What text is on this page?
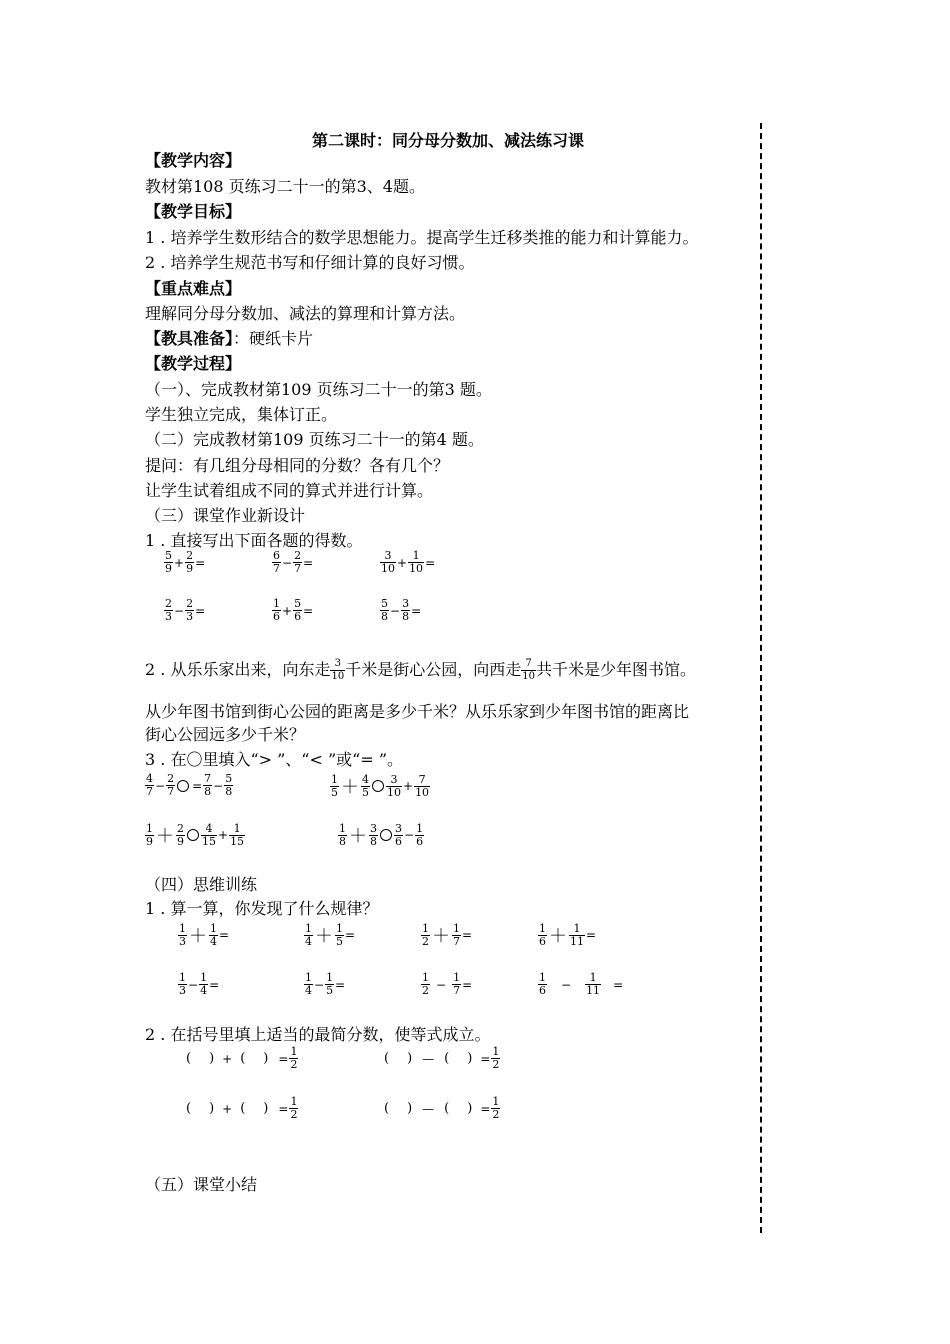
第二课时：同分母分数加、减法练习课
【教学内容】
教材第108 页练习二十一的第3、4题。
【教学目标】
1 . 培养学生数形结合的数学思想能力。提高学生迁移类推的能力和计算能力。
2 . 培养学生规范书写和仔细计算的良好习惯。
【重点难点】
理解同分母分数加、减法的算理和计算方法。
【教具准备】：硬纸卡片
【教学过程】
（一）、完成教材第109 页练习二十一的第3 题。
学生独立完成，集体订正。
（二）完成教材第109 页练习二十一的第4 题。
提问：有几组分母相同的分数？各有几个？
让学生试着组成不同的算式并进行计算。
（三）课堂作业新设计
1 . 直接写出下面各题的得数。
$\frac{5}{9} + \frac{2}{9}$ =	$\frac{6}{7} - \frac{2}{7}$ =	$\frac{3}{10} + \frac{1}{10}$ =
$\frac{2}{3} - \frac{2}{3}$ =	$\frac{1}{6} + \frac{5}{6}$ =	$\frac{5}{8} - \frac{3}{8}$ =
2 . 从乐乐家出来，向东走 $\frac{3}{10}$ 千米是街心公园，向西走 $\frac{7}{10}$ 共千米是少年图书馆。
从少年图书馆到街心公园的距离是多少千米？从乐乐家到少年图书馆的距离比
街心公园远多少千米？
3 . 在〇里填入“> ”、“< ”或“= ”。
$\frac{4}{7} - \frac{2}{7} = \frac{7}{8} - \frac{5}{8}$	$\frac{1}{5} + \frac{4}{5} \frac{3}{10} + \frac{7}{10}$
$\frac{1}{9} + \frac{2}{9} \frac{4}{15} + \frac{1}{15}$	$\frac{1}{8} + \frac{3}{8} \frac{3}{6} - \frac{1}{6}$
（四）思维训练
1 . 算一算，你发现了什么规律？
$\frac{1}{3} + \frac{1}{4}$ =	$\frac{1}{4} + \frac{1}{5}$ =	$\frac{1}{2} + \frac{1}{7}$ =	$\frac{1}{6} + \frac{1}{11}$ =
$\frac{1}{3} - \frac{1}{4}$ =	$\frac{1}{4} - \frac{1}{5}$ =	$\frac{1}{2} - \frac{1}{7}$ =	$\frac{1}{6} - \frac{1}{11}$ =
2 . 在括号里填上适当的最简分数，使等式成立。
( ) + ( ) = $\frac{1}{2}$	( ) — ( ) = $\frac{1}{2}$
( ) + ( ) = $\frac{1}{2}$	( ) — ( ) = $\frac{1}{2}$
（五）课堂小结
